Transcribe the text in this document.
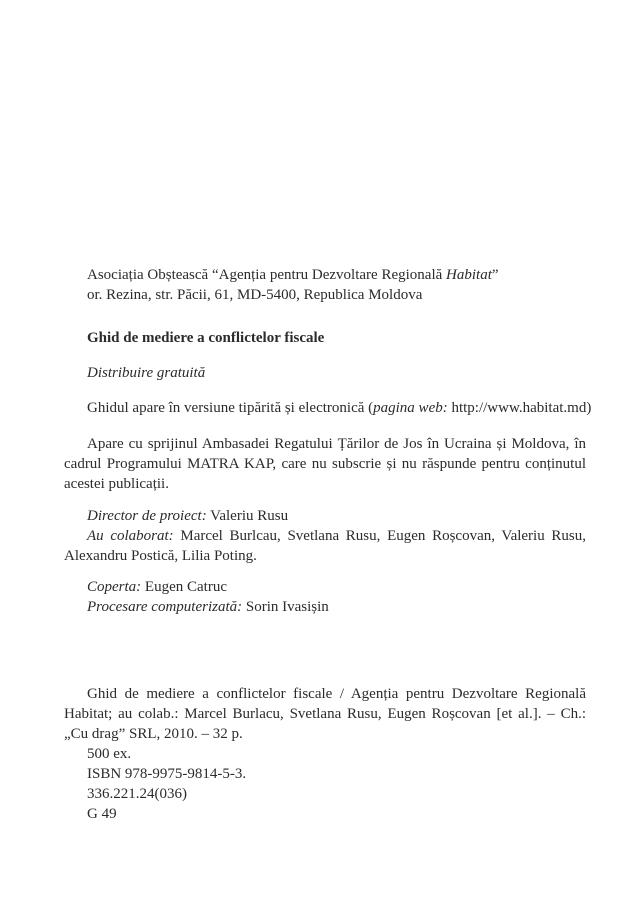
Asociația Obștească “Agenția pentru Dezvoltare Regională Habitat”

or. Rezina, str. Păcii, 61, MD-5400, Republica Moldova

Ghid de mediere a conflictelor fiscale

Distribuire gratuită

Ghidul apare în versiune tipărită și electronică (pagina web: http://www.habitat.md)

Apare cu sprijinul Ambasadei Regatului Țărilor de Jos în Ucraina și Moldova, în cadrul Programului MATRA KAP, care nu subscrie și nu răspunde pentru conținutul acestei publicații.

Director de proiect: Valeriu Rusu

Au colaborat: Marcel Burlcau, Svetlana Rusu, Eugen Roșcovan, Valeriu Rusu, Alexandru Postică, Lilia Poting.

Coperta: Eugen Catruc

Procesare computerizată: Sorin Ivasișin

Ghid de mediere a conflictelor fiscale / Agenția pentru Dezvoltare Regională Habitat; au colab.: Marcel Burlacu, Svetlana Rusu, Eugen Roșcovan [et al.]. – Ch.: „Cu drag” SRL, 2010. – 32 p.

500 ex.

ISBN 978-9975-9814-5-3.

336.221.24(036)

G 49
